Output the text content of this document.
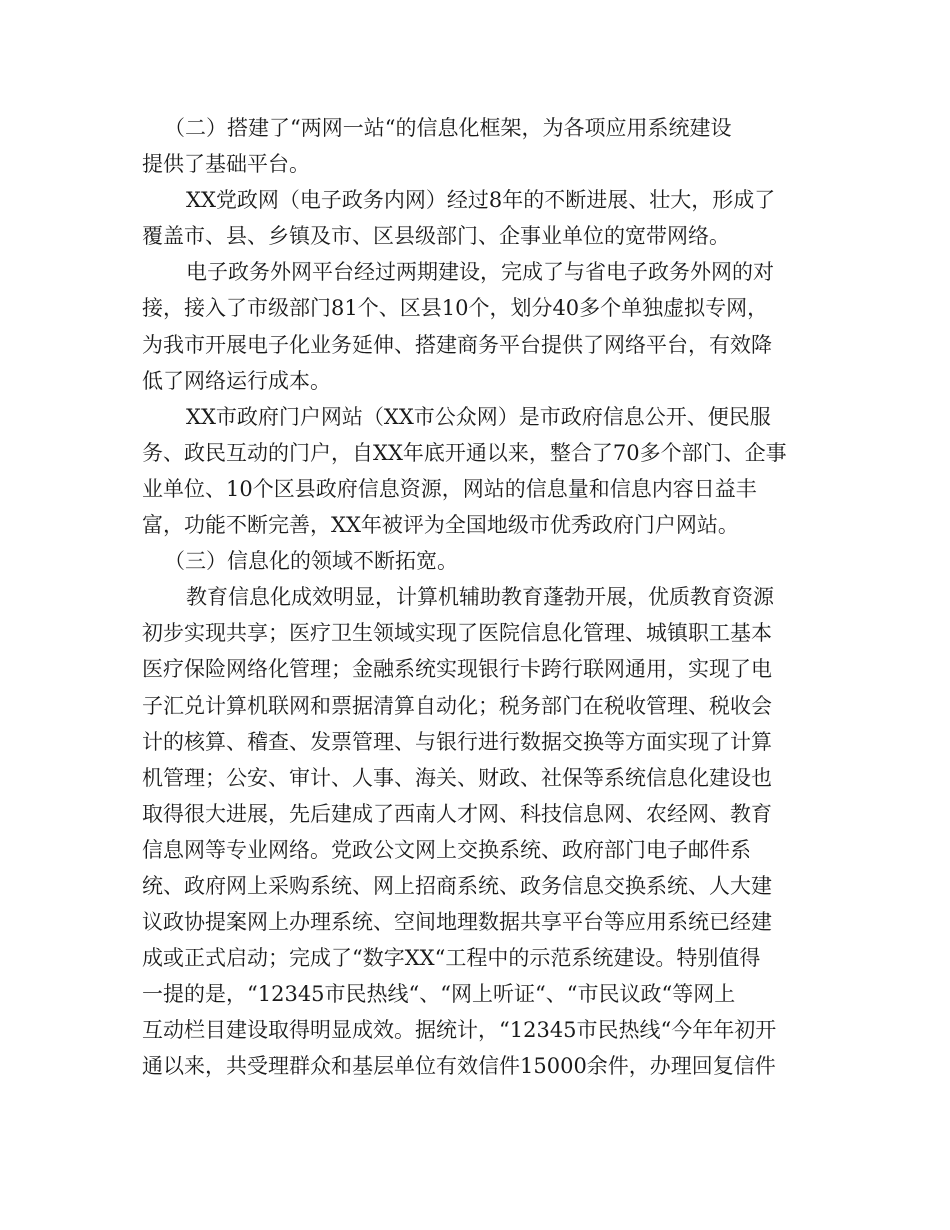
（二）搭建了“两网一站“的信息化框架，为各项应用系统建设
提供了基础平台。
XX党政网（电子政务内网）经过8年的不断进展、壮大，形成了
覆盖市、县、乡镇及市、区县级部门、企事业单位的宽带网络。
电子政务外网平台经过两期建设，完成了与省电子政务外网的对
接，接入了市级部门81个、区县10个，划分40多个单独虚拟专网，
为我市开展电子化业务延伸、搭建商务平台提供了网络平台，有效降
低了网络运行成本。
XX市政府门户网站（XX市公众网）是市政府信息公开、便民服
务、政民互动的门户，自XX年底开通以来，整合了70多个部门、企事
业单位、10个区县政府信息资源，网站的信息量和信息内容日益丰
富，功能不断完善，XX年被评为全国地级市优秀政府门户网站。
（三）信息化的领域不断拓宽。
教育信息化成效明显，计算机辅助教育蓬勃开展，优质教育资源
初步实现共享；医疗卫生领域实现了医院信息化管理、城镇职工基本
医疗保险网络化管理；金融系统实现银行卡跨行联网通用，实现了电
子汇兑计算机联网和票据清算自动化；税务部门在税收管理、税收会
计的核算、稽查、发票管理、与银行进行数据交换等方面实现了计算
机管理；公安、审计、人事、海关、财政、社保等系统信息化建设也
取得很大进展，先后建成了西南人才网、科技信息网、农经网、教育
信息网等专业网络。党政公文网上交换系统、政府部门电子邮件系
统、政府网上采购系统、网上招商系统、政务信息交换系统、人大建
议政协提案网上办理系统、空间地理数据共享平台等应用系统已经建
成或正式启动；完成了“数字XX“工程中的示范系统建设。特别值得
一提的是，“12345市民热线“、“网上听证“、“市民议政“等网上
互动栏目建设取得明显成效。据统计，“12345市民热线“今年年初开
通以来，共受理群众和基层单位有效信件15000余件，办理回复信件
